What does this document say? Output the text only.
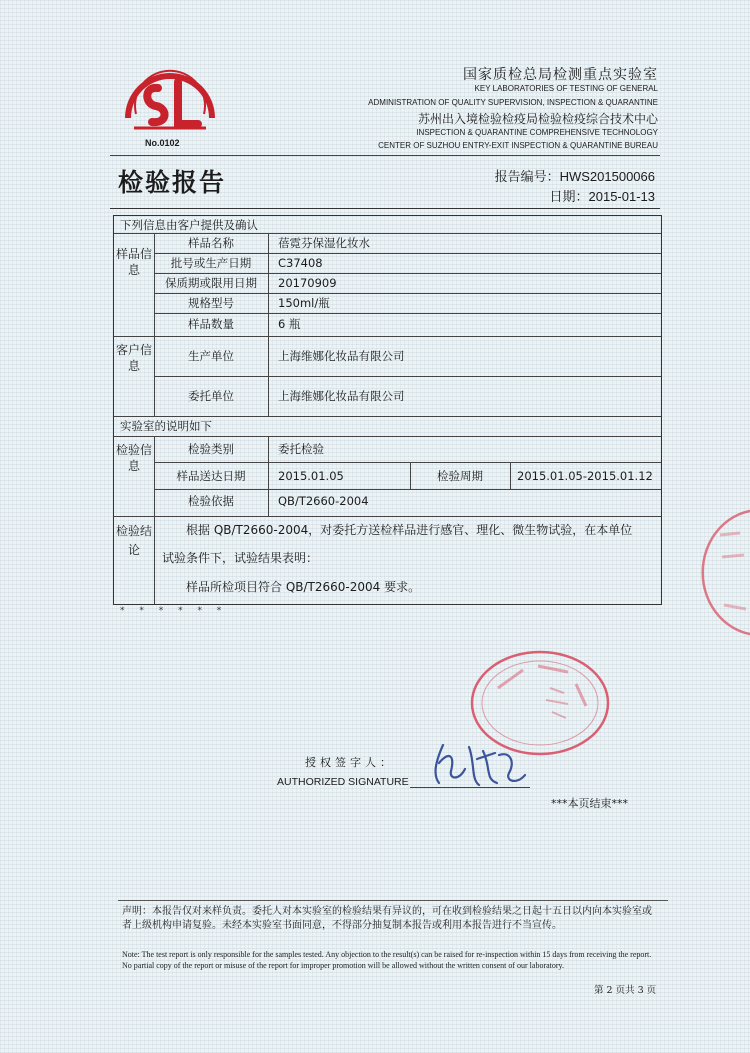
No.0102
国家质检总局检测重点实验室
KEY LABORATORIES OF TESTING OF GENERAL
ADMINISTRATION OF QUALITY SUPERVISION, INSPECTION & QUARANTINE
苏州出入境检验检疫局检验检疫综合技术中心
INSPECTION & QUARANTINE COMPREHENSIVE TECHNOLOGY
CENTER OF SUZHOU ENTRY-EXIT INSPECTION & QUARANTINE BUREAU
检验报告	报告编号：HWS201500066
日期：2015-01-13
下列信息由客户提供及确认
样品信息
样品名称	蓓霓芬保湿化妆水
批号或生产日期	C37408
保质期或限用日期	20170909
规格型号	150ml/瓶
样品数量	6 瓶
客户信息
生产单位	上海维娜化妆品有限公司
委托单位	上海维娜化妆品有限公司
实验室的说明如下
检验信息
检验类别	委托检验
样品送达日期	2015.01.05	检验周期	2015.01.05-2015.01.12
检验依据	QB/T2660-2004
检验结论
根据 QB/T2660-2004，对委托方送检样品进行感官、理化、微生物试验，在本单位
试验条件下，试验结果表明：
样品所检项目符合 QB/T2660-2004 要求。
* * * * * *
授权签字人：
AUTHORIZED SIGNATURE
***本页结束***
声明：本报告仅对来样负责。委托人对本实验室的检验结果有异议的，可在收到检验结果之日起十五日以内向本实验室或者上级机构申请复验。未经本实验室书面同意，不得部分抽复制本报告或利用本报告进行不当宣传。
Note: The test report is only responsible for the samples tested. Any objection to the result(s) can be raised for re-inspection within 15 days from receiving the report. No partial copy of the report or misuse of the report for improper promotion will be allowed without the written consent of our laboratory.
第 2 页共 3 页
